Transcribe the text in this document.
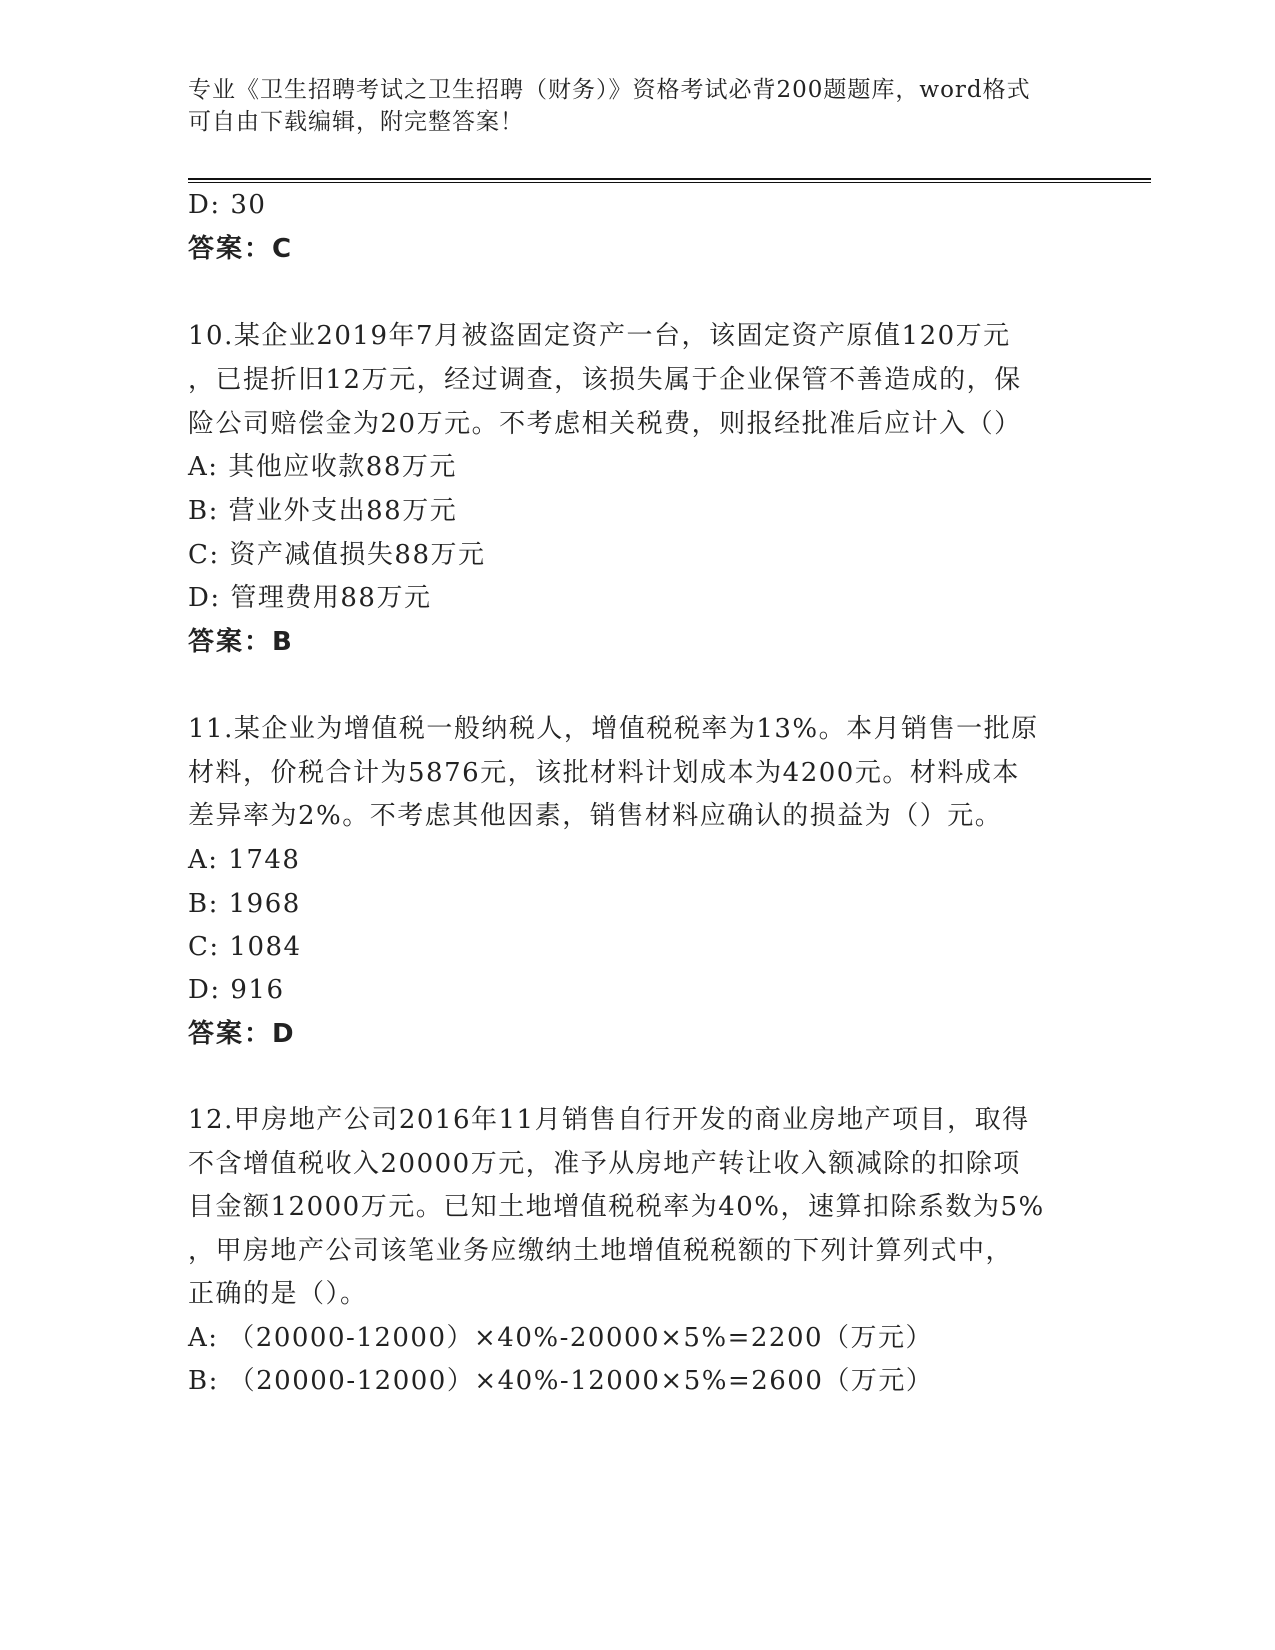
专业《卫生招聘考试之卫生招聘（财务）》资格考试必背200题题库，word格式
可自由下载编辑，附完整答案！
D: 30
答案：C
10.某企业2019年7月被盗固定资产一台，该固定资产原值120万元
，已提折旧12万元，经过调查，该损失属于企业保管不善造成的，保
险公司赔偿金为20万元。不考虑相关税费，则报经批准后应计入（）
A: 其他应收款88万元
B: 营业外支出88万元
C: 资产减值损失88万元
D: 管理费用88万元
答案：B
11.某企业为增值税一般纳税人，增值税税率为13%。本月销售一批原
材料，价税合计为5876元，该批材料计划成本为4200元。材料成本
差异率为2%。不考虑其他因素，销售材料应确认的损益为（）元。
A: 1748
B: 1968
C: 1084
D: 916
答案：D
12.甲房地产公司2016年11月销售自行开发的商业房地产项目，取得
不含增值税收入20000万元，准予从房地产转让收入额减除的扣除项
目金额12000万元。已知土地增值税税率为40%，速算扣除系数为5%
，甲房地产公司该笔业务应缴纳土地增值税税额的下列计算列式中，
正确的是（）。
A: （20000-12000）×40%-20000×5%=2200（万元）
B: （20000-12000）×40%-12000×5%=2600（万元）
